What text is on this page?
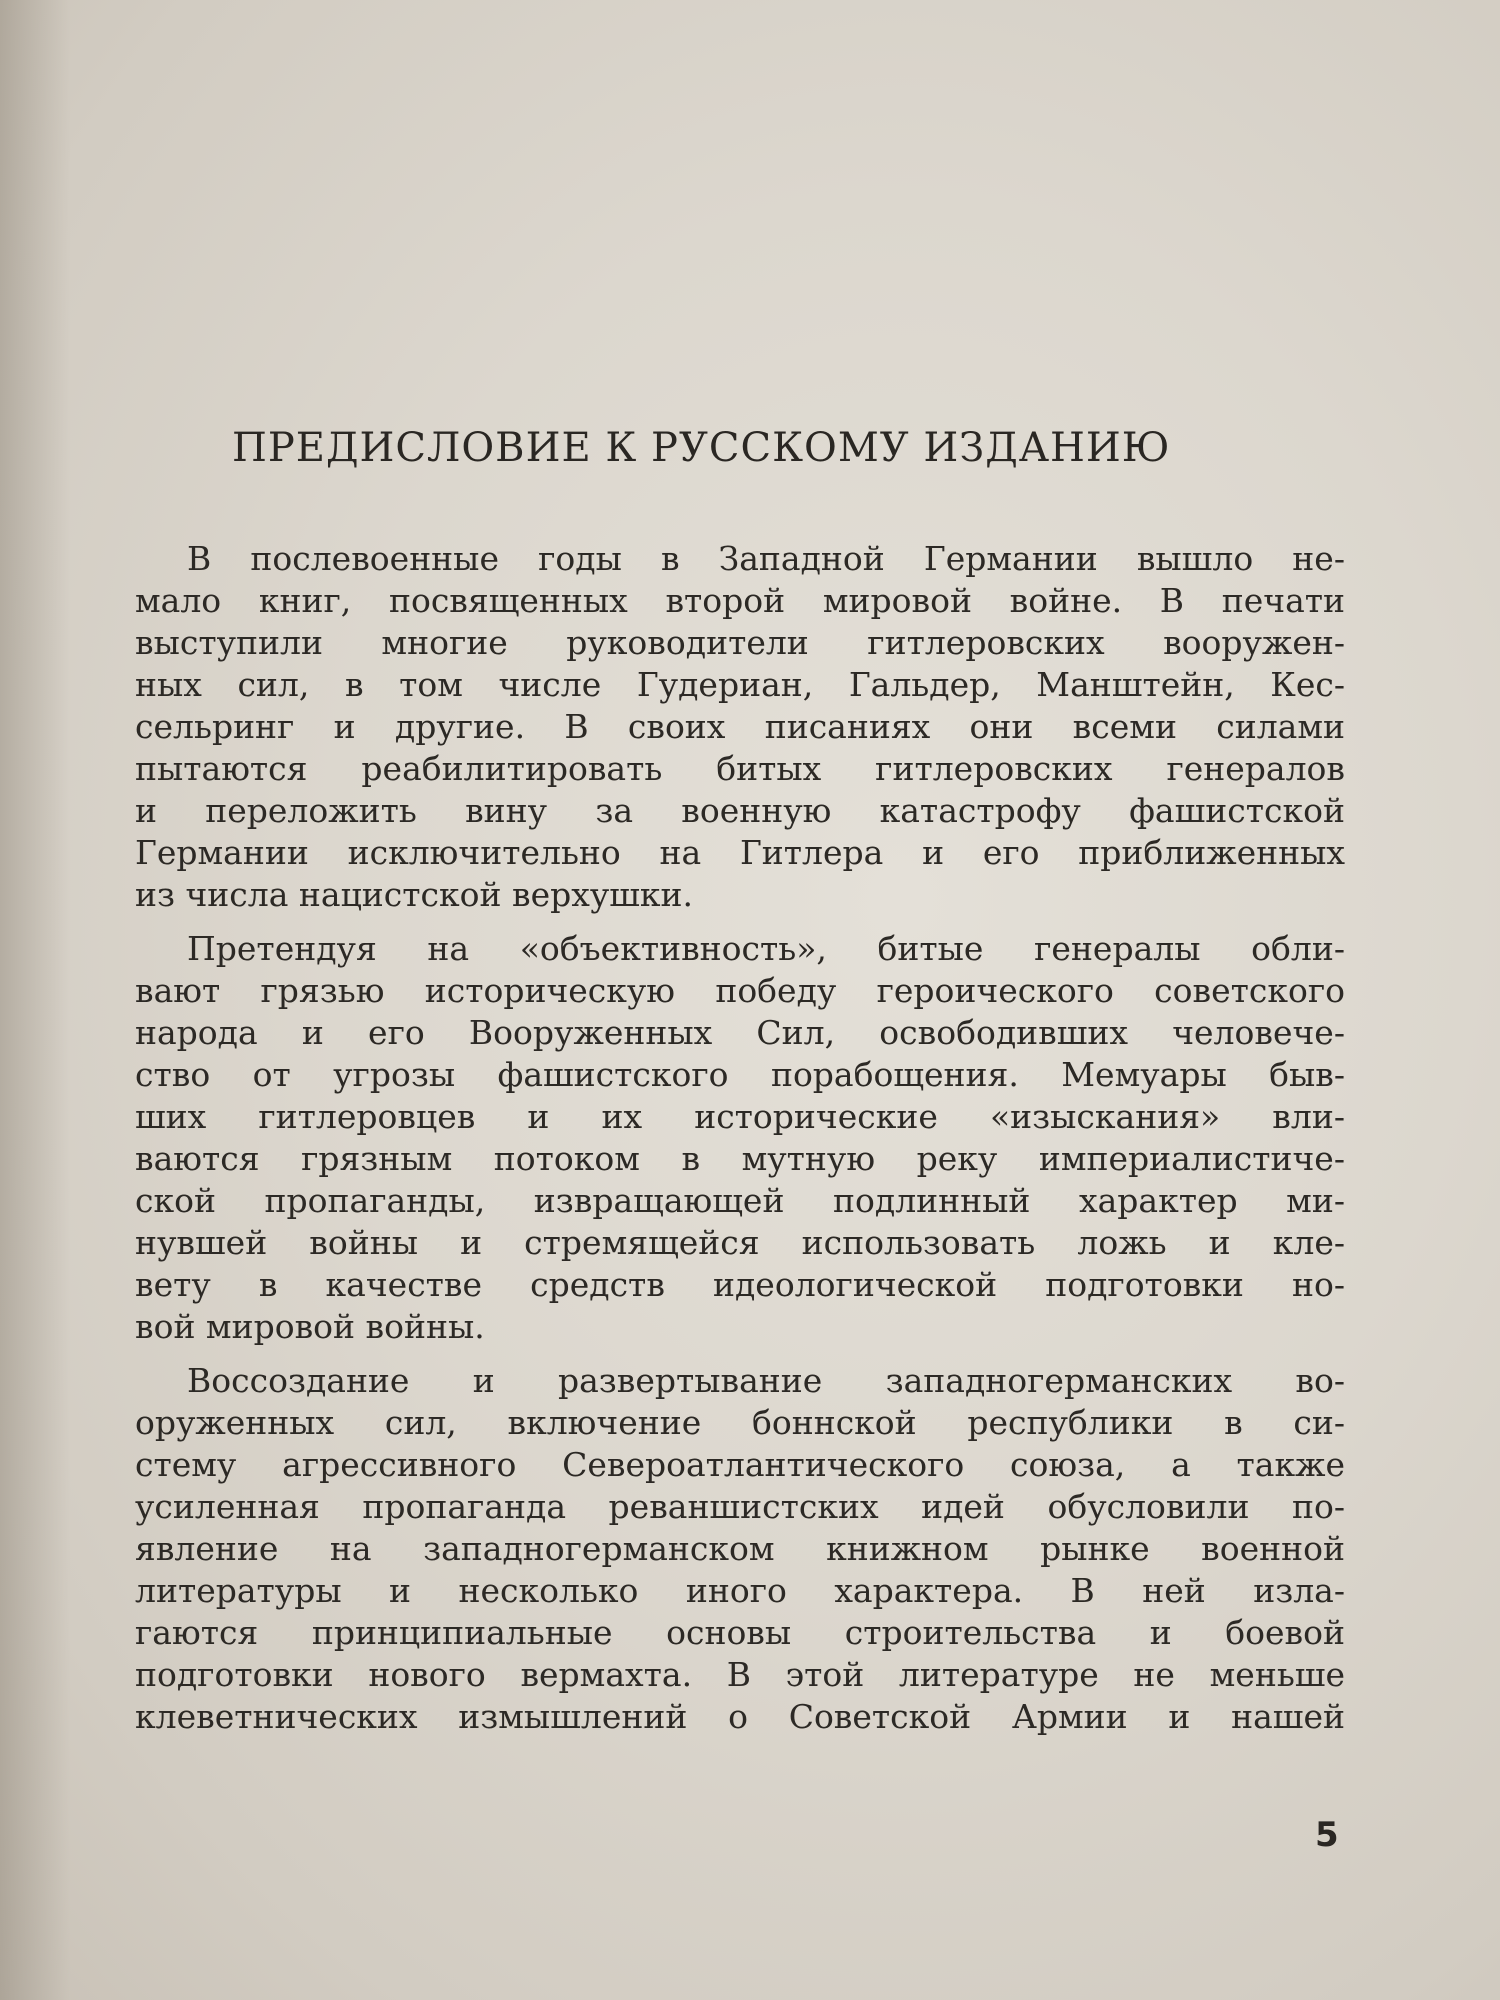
ПРЕДИСЛОВИЕ К РУССКОМУ ИЗДАНИЮ
В послевоенные годы в Западной Германии вышло не-
мало книг, посвященных второй мировой войне. В печати
выступили многие руководители гитлеровских вооружен-
ных сил, в том числе Гудериан, Гальдер, Манштейн, Кес-
сельринг и другие. В своих писаниях они всеми силами
пытаются реабилитировать битых гитлеровских генералов
и переложить вину за военную катастрофу фашистской
Германии исключительно на Гитлера и его приближенных
из числа нацистской верхушки.
Претендуя на «объективность», битые генералы обли-
вают грязью историческую победу героического советского
народа и его Вооруженных Сил, освободивших человече-
ство от угрозы фашистского порабощения. Мемуары быв-
ших гитлеровцев и их исторические «изыскания» вли-
ваются грязным потоком в мутную реку империалистиче-
ской пропаганды, извращающей подлинный характер ми-
нувшей войны и стремящейся использовать ложь и кле-
вету в качестве средств идеологической подготовки но-
вой мировой войны.
Воссоздание и развертывание западногерманских во-
оруженных сил, включение боннской республики в си-
стему агрессивного Североатлантического союза, а также
усиленная пропаганда реваншистских идей обусловили по-
явление на западногерманском книжном рынке военной
литературы и несколько иного характера. В ней изла-
гаются принципиальные основы строительства и боевой
подготовки нового вермахта. В этой литературе не меньше
клеветнических измышлений о Советской Армии и нашей
5
